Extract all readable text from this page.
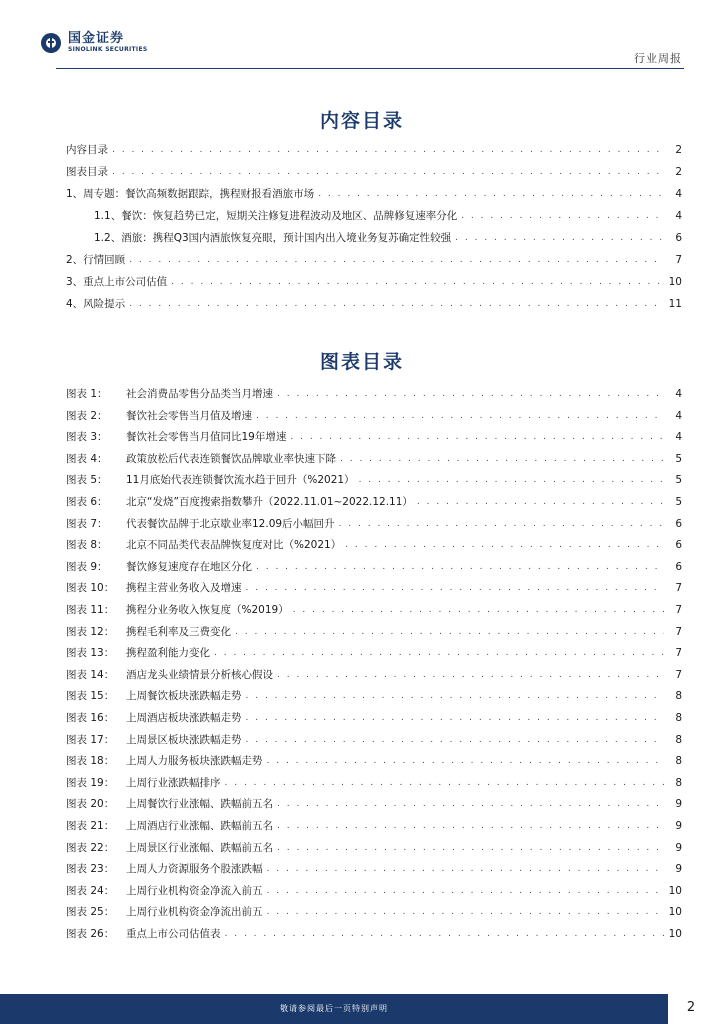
国金证券
SINOLINK SECURITIES
行业周报
内容目录
内容目录 . . .	2
图表目录 . . .	2
1、周专题：餐饮高频数据跟踪，携程财报看酒旅市场 . . .	4
1.1、餐饮：恢复趋势已定，短期关注修复进程波动及地区、品牌修复速率分化 . . .	4
1.2、酒旅：携程Q3国内酒旅恢复亮眼，预计国内出入境业务复苏确定性较强 . . .	6
2、行情回顾 . . .	7
3、重点上市公司估值 . . .	10
4、风险提示 . . .	11
图表目录
图表 1：	社会消费品零售分品类当月增速 . . .	4
图表 2：	餐饮社会零售当月值及增速 . . .	4
图表 3：	餐饮社会零售当月值同比19年增速 . . .	4
图表 4：	政策放松后代表连锁餐饮品牌歇业率快速下降 . . .	5
图表 5：	11月底始代表连锁餐饮流水趋于回升（%2021） . . .	5
图表 6：	北京“发烧”百度搜索指数攀升（2022.11.01~2022.12.11） . . .	5
图表 7：	代表餐饮品牌于北京歇业率12.09后小幅回升 . . .	6
图表 8：	北京不同品类代表品牌恢复度对比（%2021） . . .	6
图表 9：	餐饮修复速度存在地区分化 . . .	6
图表 10：	携程主营业务收入及增速 . . .	7
图表 11：	携程分业务收入恢复度（%2019） . . .	7
图表 12：	携程毛利率及三费变化 . . .	7
图表 13：	携程盈利能力变化 . . .	7
图表 14：	酒店龙头业绩情景分析核心假设 . . .	7
图表 15：	上周餐饮板块涨跌幅走势 . . .	8
图表 16：	上周酒店板块涨跌幅走势 . . .	8
图表 17：	上周景区板块涨跌幅走势 . . .	8
图表 18：	上周人力服务板块涨跌幅走势 . . .	8
图表 19：	上周行业涨跌幅排序 . . .	8
图表 20：	上周餐饮行业涨幅、跌幅前五名 . . .	9
图表 21：	上周酒店行业涨幅、跌幅前五名 . . .	9
图表 22：	上周景区行业涨幅、跌幅前五名 . . .	9
图表 23：	上周人力资源服务个股涨跌幅 . . .	9
图表 24：	上周行业机构资金净流入前五 . . .	10
图表 25：	上周行业机构资金净流出前五 . . .	10
图表 26：	重点上市公司估值表 . . .	10
敬请参阅最后一页特别声明	2
